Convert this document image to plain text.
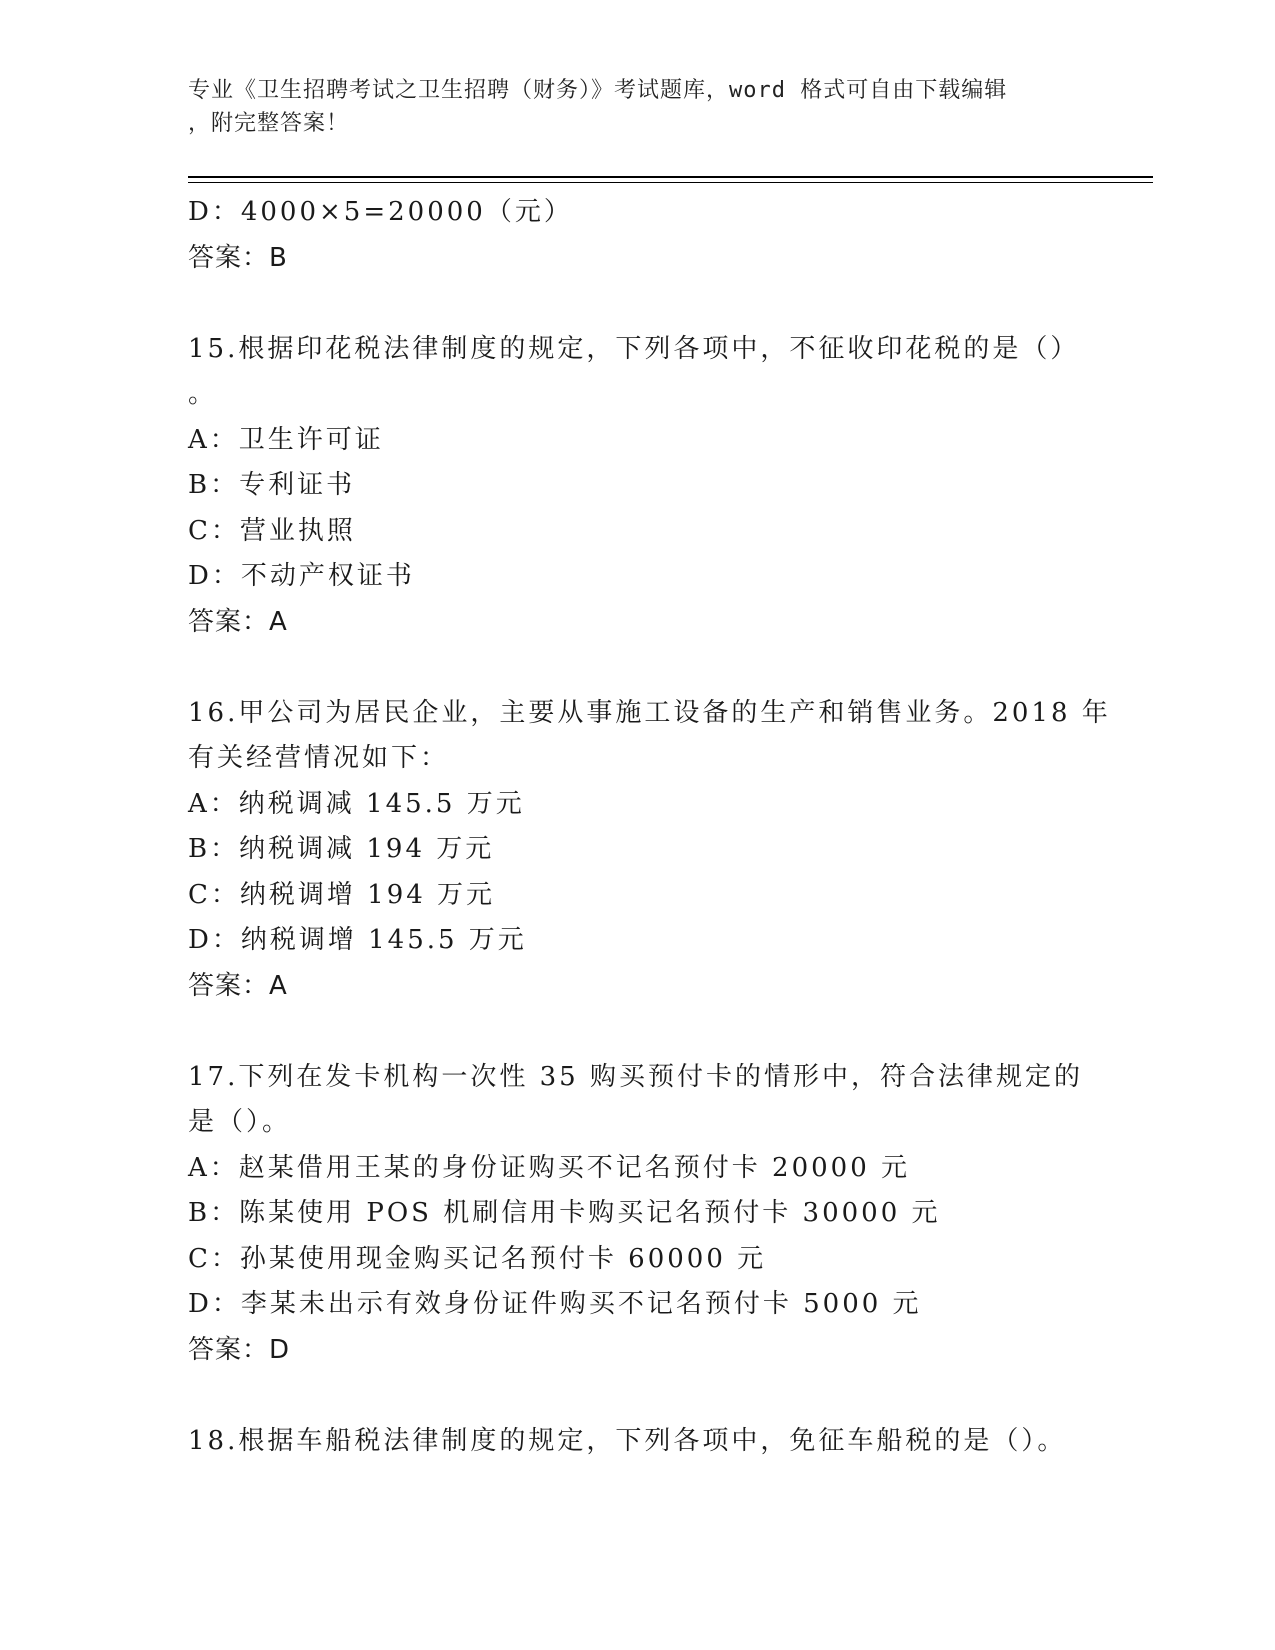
专业《卫生招聘考试之卫生招聘（财务）》考试题库，word 格式可自由下载编辑
，附完整答案！
D：4000×5=20000（元）
答案：B
15.根据印花税法律制度的规定，下列各项中，不征收印花税的是（）
。
A：卫生许可证
B：专利证书
C：营业执照
D：不动产权证书
答案：A
16.甲公司为居民企业，主要从事施工设备的生产和销售业务。2018 年
有关经营情况如下：
A：纳税调减 145.5 万元
B：纳税调减 194 万元
C：纳税调增 194 万元
D：纳税调增 145.5 万元
答案：A
17.下列在发卡机构一次性 35 购买预付卡的情形中，符合法律规定的
是（）。
A：赵某借用王某的身份证购买不记名预付卡 20000 元
B：陈某使用 POS 机刷信用卡购买记名预付卡 30000 元
C：孙某使用现金购买记名预付卡 60000 元
D：李某未出示有效身份证件购买不记名预付卡 5000 元
答案：D
18.根据车船税法律制度的规定，下列各项中，免征车船税的是（）。
